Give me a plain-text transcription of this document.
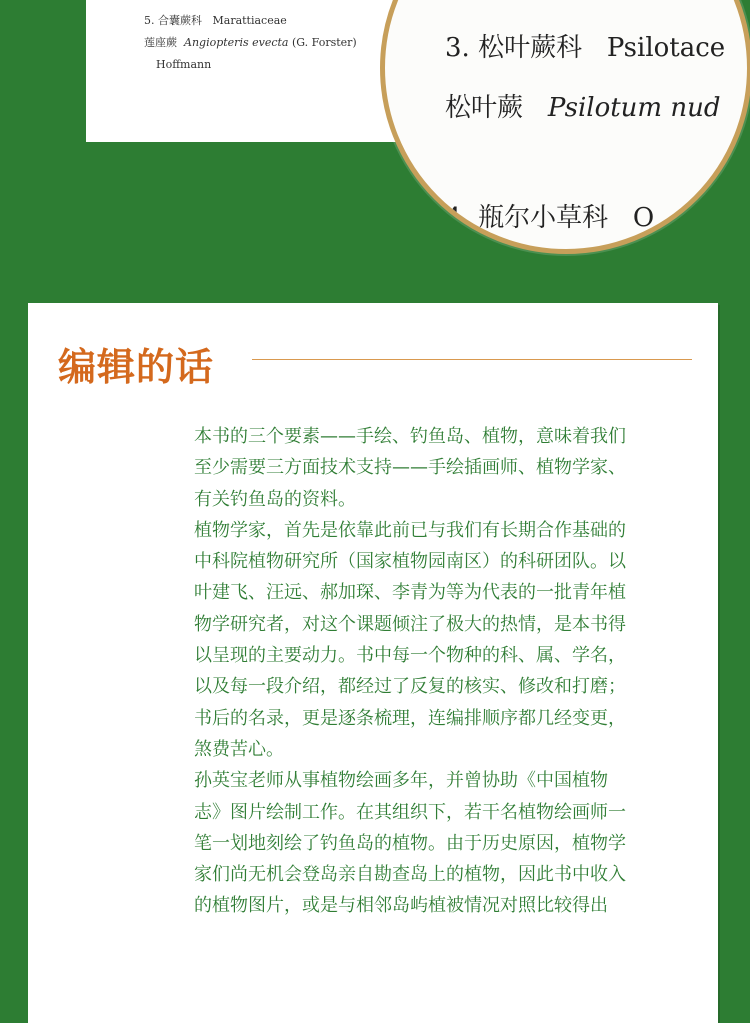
5. 合囊蕨科 Marattiaceae
莲座蕨 Angiopteris evecta (G. Forster)
Hoffmann
3. 松叶蕨科 Psilotace
松叶蕨 Psilotum nud
4. 瓶尔小草科 O
编辑的话
本书的三个要素——手绘、钓鱼岛、植物，意味着我们
至少需要三方面技术支持——手绘插画师、植物学家、
有关钓鱼岛的资料。
植物学家，首先是依靠此前已与我们有长期合作基础的
中科院植物研究所（国家植物园南区）的科研团队。以
叶建飞、汪远、郝加琛、李青为等为代表的一批青年植
物学研究者，对这个课题倾注了极大的热情，是本书得
以呈现的主要动力。书中每一个物种的科、属、学名，
以及每一段介绍，都经过了反复的核实、修改和打磨；
书后的名录，更是逐条梳理，连编排顺序都几经变更，
煞费苦心。
孙英宝老师从事植物绘画多年，并曾协助《中国植物
志》图片绘制工作。在其组织下，若干名植物绘画师一
笔一划地刻绘了钓鱼岛的植物。由于历史原因，植物学
家们尚无机会登岛亲自勘查岛上的植物，因此书中收入
的植物图片，或是与相邻岛屿植被情况对照比较得出
